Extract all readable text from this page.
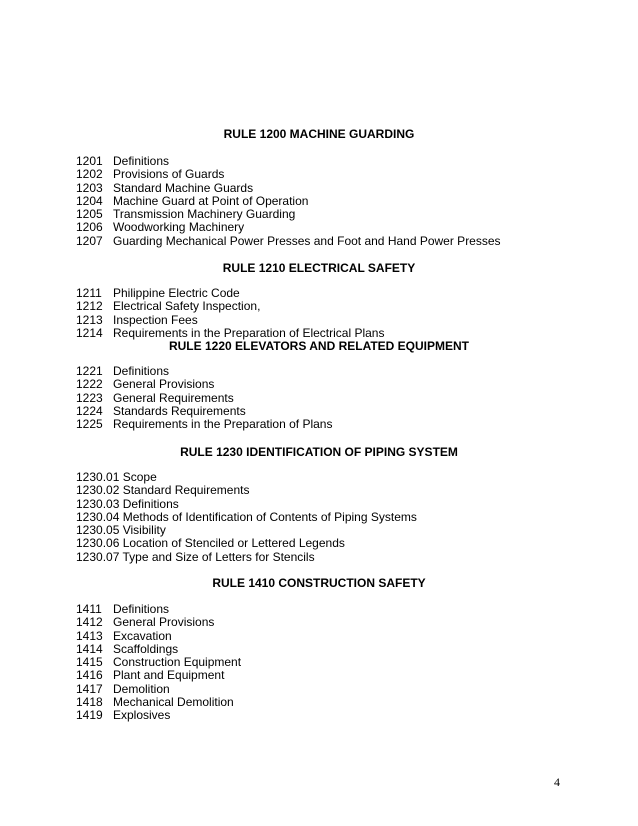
RULE 1200 MACHINE GUARDING
1201 Definitions
1202 Provisions of Guards
1203 Standard Machine Guards
1204 Machine Guard at Point of Operation
1205 Transmission Machinery Guarding
1206 Woodworking Machinery
1207 Guarding Mechanical Power Presses and Foot and Hand Power Presses
RULE 1210 ELECTRICAL SAFETY
1211 Philippine Electric Code
1212 Electrical Safety Inspection,
1213 Inspection Fees
1214 Requirements in the Preparation of Electrical Plans
RULE 1220 ELEVATORS AND RELATED EQUIPMENT
1221 Definitions
1222 General Provisions
1223 General Requirements
1224 Standards Requirements
1225 Requirements in the Preparation of Plans
RULE 1230 IDENTIFICATION OF PIPING SYSTEM
1230.01 Scope
1230.02 Standard Requirements
1230.03 Definitions
1230.04 Methods of Identification of Contents of Piping Systems
1230.05 Visibility
1230.06 Location of Stenciled or Lettered Legends
1230.07 Type and Size of Letters for Stencils
RULE 1410 CONSTRUCTION SAFETY
1411 Definitions
1412 General Provisions
1413 Excavation
1414 Scaffoldings
1415 Construction Equipment
1416 Plant and Equipment
1417 Demolition
1418 Mechanical Demolition
1419 Explosives
4
